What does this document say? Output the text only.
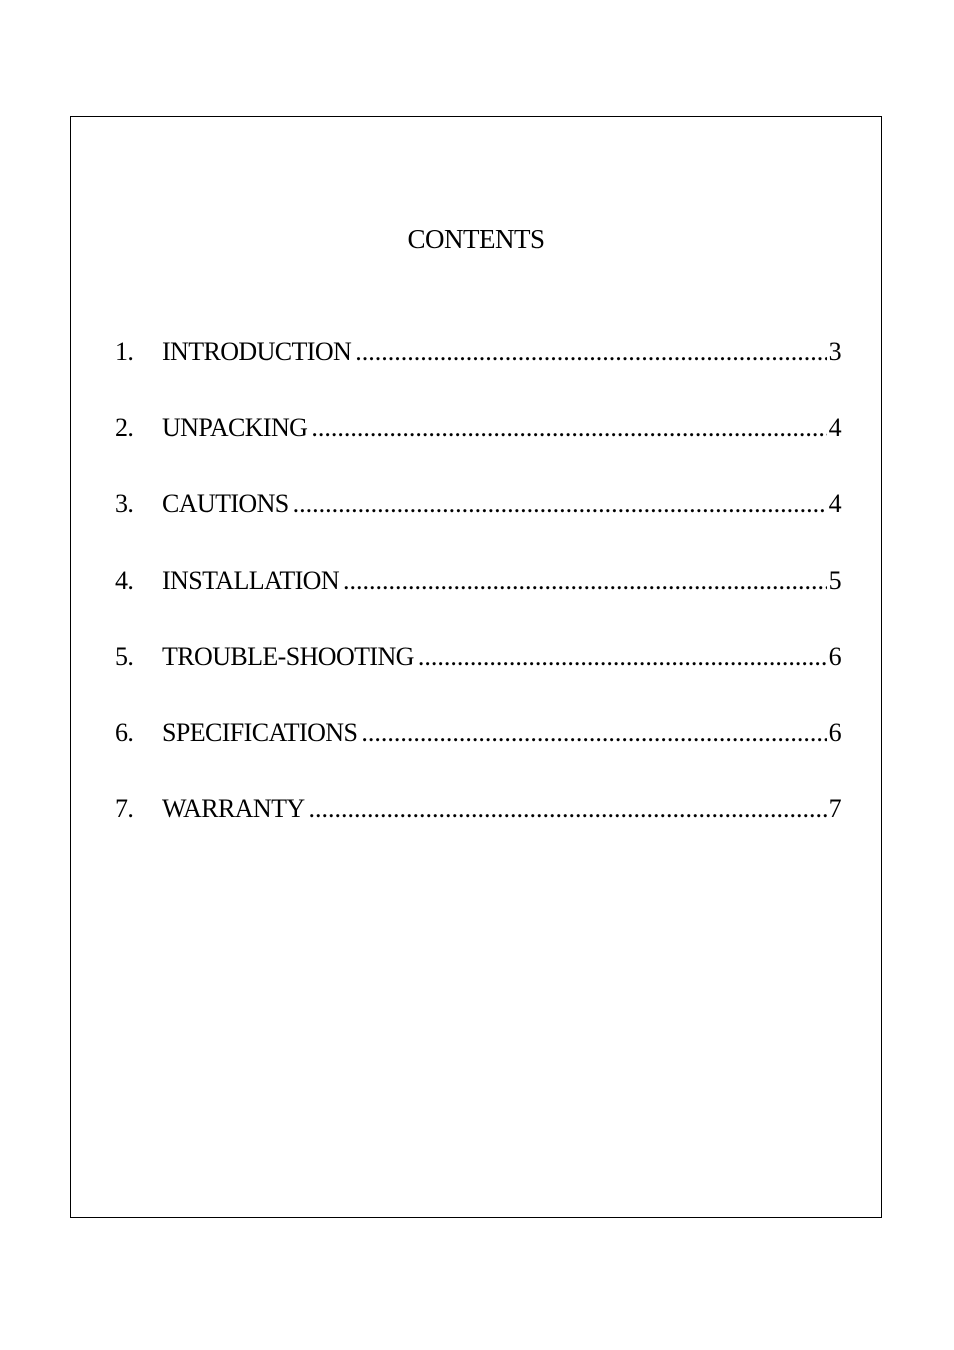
CONTENTS
1.	INTRODUCTION .....	3
2.	UNPACKING .....	4
3.	CAUTIONS .....	4
4.	INSTALLATION .....	5
5.	TROUBLE-SHOOTING .....	6
6.	SPECIFICATIONS .....	6
7.	WARRANTY .....	7
